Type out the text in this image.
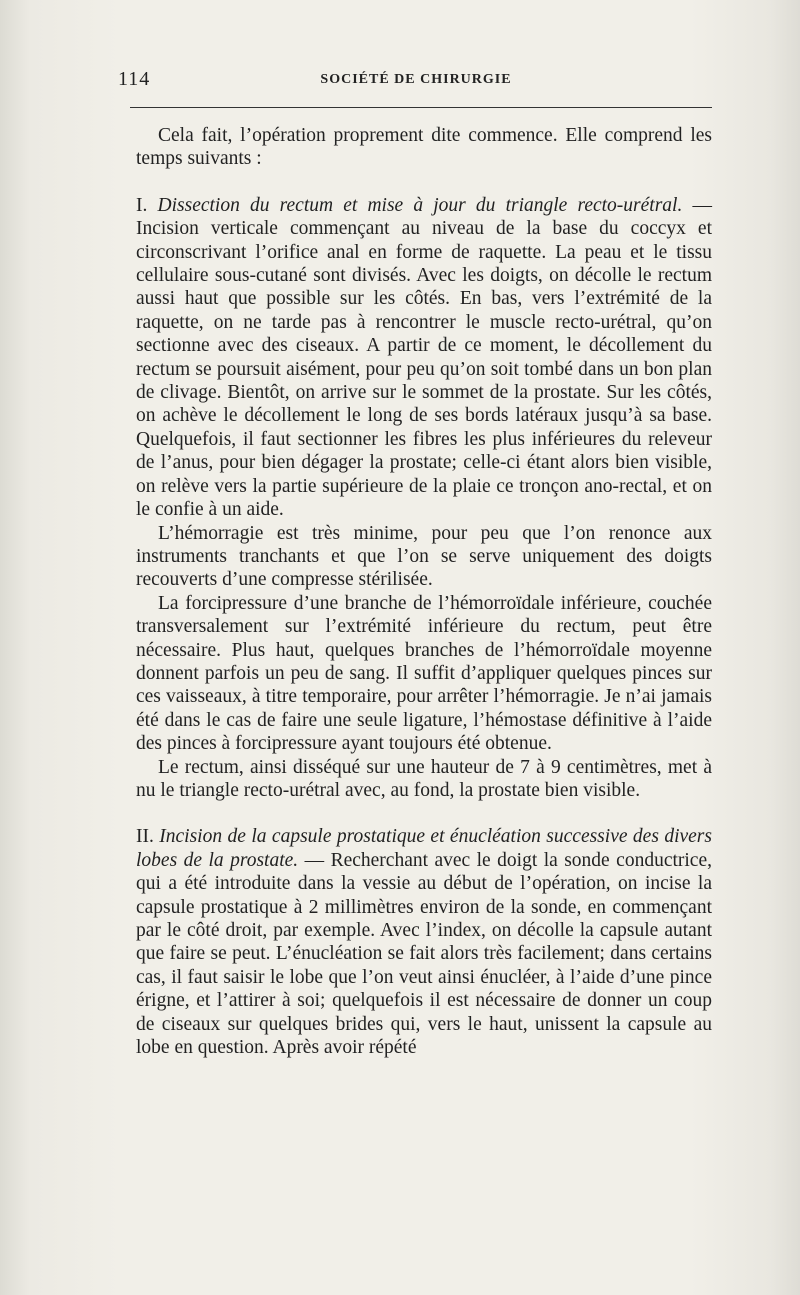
114	SOCIÉTÉ DE CHIRURGIE

Cela fait, l’opération proprement dite commence. Elle comprend les temps suivants :

I. Dissection du rectum et mise à jour du triangle recto-urétral. — Incision verticale commençant au niveau de la base du coccyx et circonscrivant l’orifice anal en forme de raquette. La peau et le tissu cellulaire sous-cutané sont divisés. Avec les doigts, on décolle le rectum aussi haut que possible sur les côtés. En bas, vers l’extrémité de la raquette, on ne tarde pas à rencontrer le muscle recto-urétral, qu’on sectionne avec des ciseaux. A partir de ce moment, le décollement du rectum se poursuit aisément, pour peu qu’on soit tombé dans un bon plan de clivage. Bientôt, on arrive sur le sommet de la prostate. Sur les côtés, on achève le décollement le long de ses bords latéraux jusqu’à sa base. Quelquefois, il faut sectionner les fibres les plus inférieures du releveur de l’anus, pour bien dégager la prostate; celle-ci étant alors bien visible, on relève vers la partie supérieure de la plaie ce tronçon ano-rectal, et on le confie à un aide.

L’hémorragie est très minime, pour peu que l’on renonce aux instruments tranchants et que l’on se serve uniquement des doigts recouverts d’une compresse stérilisée.

La forcipressure d’une branche de l’hémorroïdale inférieure, couchée transversalement sur l’extrémité inférieure du rectum, peut être nécessaire. Plus haut, quelques branches de l’hémorroïdale moyenne donnent parfois un peu de sang. Il suffit d’appliquer quelques pinces sur ces vaisseaux, à titre temporaire, pour arrêter l’hémorragie. Je n’ai jamais été dans le cas de faire une seule ligature, l’hémostase définitive à l’aide des pinces à forcipressure ayant toujours été obtenue.

Le rectum, ainsi disséqué sur une hauteur de 7 à 9 centimètres, met à nu le triangle recto-urétral avec, au fond, la prostate bien visible.

II. Incision de la capsule prostatique et énucléation successive des divers lobes de la prostate. — Recherchant avec le doigt la sonde conductrice, qui a été introduite dans la vessie au début de l’opération, on incise la capsule prostatique à 2 millimètres environ de la sonde, en commençant par le côté droit, par exemple. Avec l’index, on décolle la capsule autant que faire se peut. L’énucléation se fait alors très facilement; dans certains cas, il faut saisir le lobe que l’on veut ainsi énucléer, à l’aide d’une pince érigne, et l’attirer à soi; quelquefois il est nécessaire de donner un coup de ciseaux sur quelques brides qui, vers le haut, unissent la capsule au lobe en question. Après avoir répété
